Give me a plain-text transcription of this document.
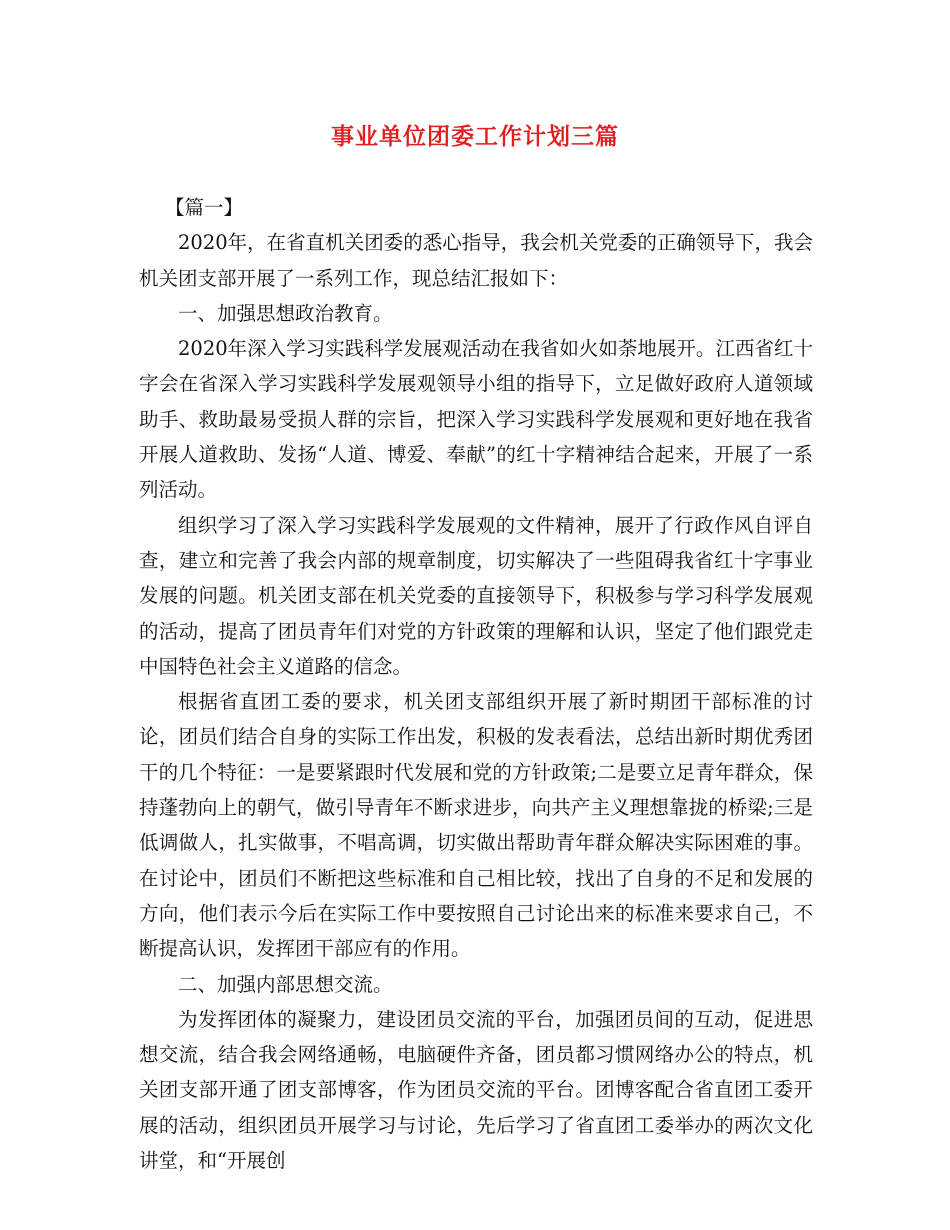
事业单位团委工作计划三篇

【篇一】

2020年，在省直机关团委的悉心指导，我会机关党委的正确领导下，我会机关团支部开展了一系列工作，现总结汇报如下：

一、加强思想政治教育。

2020年深入学习实践科学发展观活动在我省如火如荼地展开。江西省红十字会在省深入学习实践科学发展观领导小组的指导下，立足做好政府人道领域助手、救助最易受损人群的宗旨，把深入学习实践科学发展观和更好地在我省开展人道救助、发扬“人道、博爱、奉献”的红十字精神结合起来，开展了一系列活动。

组织学习了深入学习实践科学发展观的文件精神，展开了行政作风自评自查，建立和完善了我会内部的规章制度，切实解决了一些阻碍我省红十字事业发展的问题。机关团支部在机关党委的直接领导下，积极参与学习科学发展观的活动，提高了团员青年们对党的方针政策的理解和认识，坚定了他们跟党走中国特色社会主义道路的信念。

根据省直团工委的要求，机关团支部组织开展了新时期团干部标准的讨论，团员们结合自身的实际工作出发，积极的发表看法，总结出新时期优秀团干的几个特征：一是要紧跟时代发展和党的方针政策;二是要立足青年群众，保持蓬勃向上的朝气，做引导青年不断求进步，向共产主义理想靠拢的桥梁;三是低调做人，扎实做事，不唱高调，切实做出帮助青年群众解决实际困难的事。在讨论中，团员们不断把这些标准和自己相比较，找出了自身的不足和发展的方向，他们表示今后在实际工作中要按照自己讨论出来的标准来要求自己，不断提高认识，发挥团干部应有的作用。

二、加强内部思想交流。

为发挥团体的凝聚力，建设团员交流的平台，加强团员间的互动，促进思想交流，结合我会网络通畅，电脑硬件齐备，团员都习惯网络办公的特点，机关团支部开通了团支部博客，作为团员交流的平台。团博客配合省直团工委开展的活动，组织团员开展学习与讨论，先后学习了省直团工委举办的两次文化讲堂，和“开展创
